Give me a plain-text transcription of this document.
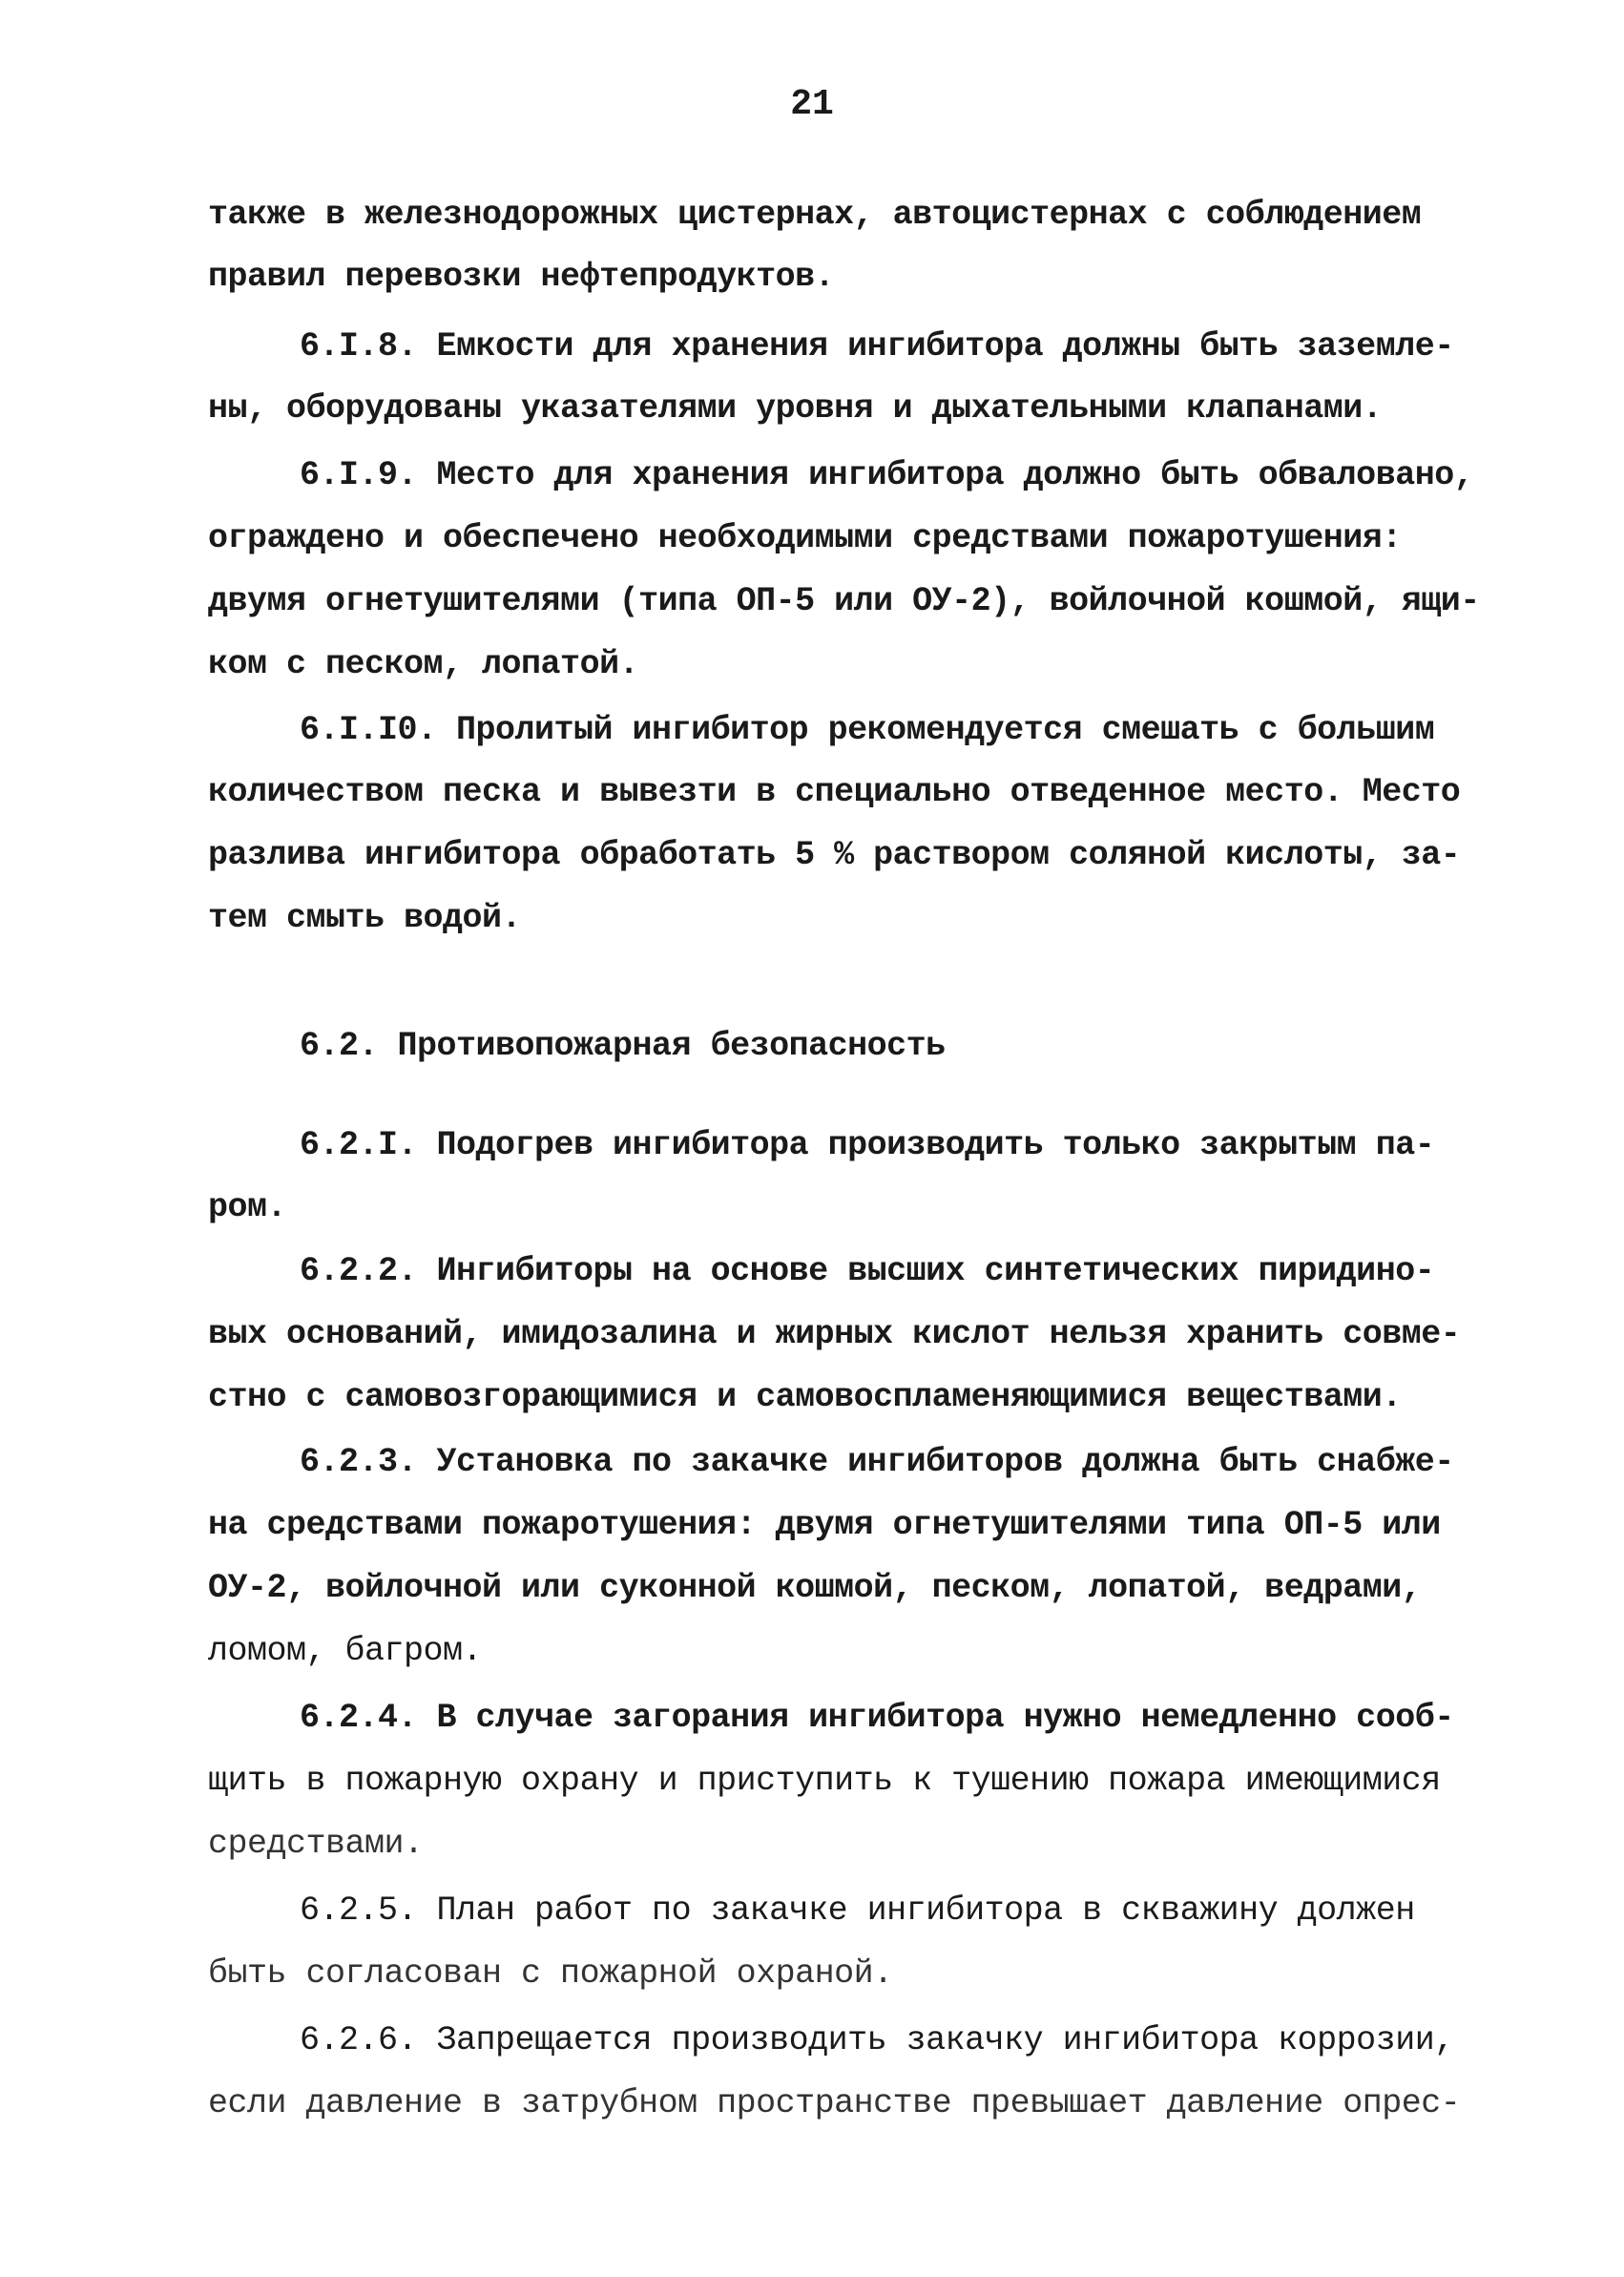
21
также в железнодорожных цистернах, автоцистернах с соблюдением
правил перевозки нефтепродуктов.
6.I.8. Емкости для хранения ингибитора должны быть заземле-
ны, оборудованы указателями уровня и дыхательными клапанами.
6.I.9. Место для хранения ингибитора должно быть обваловано,
ограждено и обеспечено необходимыми средствами пожаротушения:
двумя огнетушителями (типа ОП-5 или ОУ-2), войлочной кошмой, ящи-
ком с песком, лопатой.
6.I.I0. Пролитый ингибитор рекомендуется смешать с большим
количеством песка и вывезти в специально отведенное место. Место
разлива ингибитора обработать 5 % раствором соляной кислоты, за-
тем смыть водой.
6.2. Противопожарная безопасность
6.2.I. Подогрев ингибитора производить только закрытым па-
ром.
6.2.2. Ингибиторы на основе высших синтетических пиридино-
вых оснований, имидозалина и жирных кислот нельзя хранить совме-
стно с самовозгорающимися и самовоспламеняющимися веществами.
6.2.3. Установка по закачке ингибиторов должна быть снабже-
на средствами пожаротушения: двумя огнетушителями типа ОП-5 или
ОУ-2, войлочной или суконной кошмой, песком, лопатой, ведрами,
ломом, багром.
6.2.4. В случае загорания ингибитора нужно немедленно сооб-
щить в пожарную охрану и приступить к тушению пожара имеющимися
средствами.
6.2.5. План работ по закачке ингибитора в скважину должен
быть согласован с пожарной охраной.
6.2.6. Запрещается производить закачку ингибитора коррозии,
если давление в затрубном пространстве превышает давление опрес-
